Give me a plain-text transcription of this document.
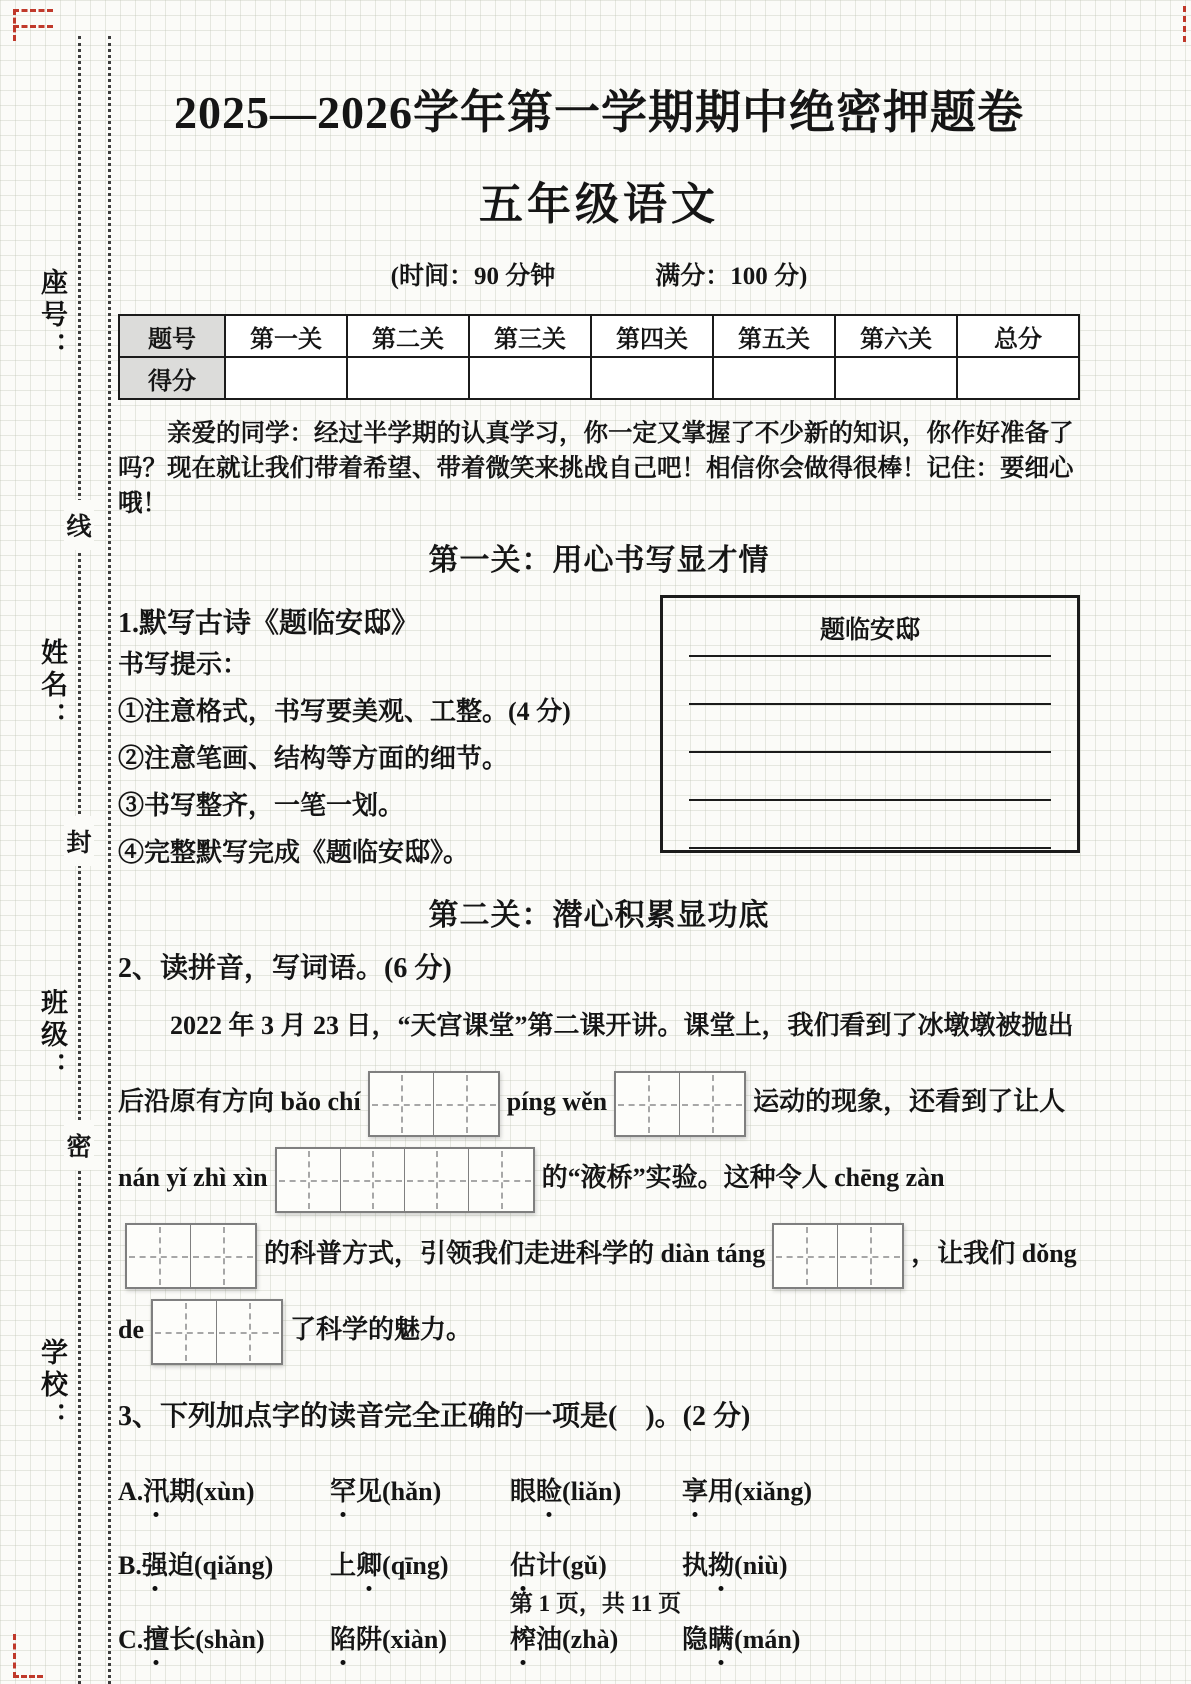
座号：
姓名：
班级：
学校：
线
封
密
2025—2026学年第一学期期中绝密押题卷
五年级语文
(时间：90 分钟　　　　满分：100 分)
题号	第一关	第二关	第三关	第四关	第五关	第六关	总分
得分							

亲爱的同学：经过半学期的认真学习，你一定又掌握了不少新的知识，你作好准备了吗？现在就让我们带着希望、带着微笑来挑战自己吧！相信你会做得很棒！记住：要细心哦！

第一关：用心书写显才情
1.默写古诗《题临安邸》
书写提示：
①注意格式，书写要美观、工整。(4 分)
②注意笔画、结构等方面的细节。
③书写整齐，一笔一划。
④完整默写完成《题临安邸》。
题临安邸
第二关：潜心积累显功底
2、读拼音，写词语。(6 分)

2022 年 3 月 23 日，“天宫课堂”第二课开讲。课堂上，我们看到了冰墩墩被抛出后沿原有方向 bǎo chí	píng wěn	运动的现象，还看到了让人 nán yǐ zhì xìn	的“液桥”实验。这种令人 chēng zàn
的科普方式，引领我们走进科学的 diàn táng	，让我们 dǒng de	了科学的魅力。

3、下列加点字的读音完全正确的一项是(　)。(2 分)
A.汛期(xùn)	罕见(hǎn)	眼睑(liǎn)	享用(xiǎng)
B.强迫(qiǎng)	上卿(qīng)	估计(gǔ)	执拗(niù)
C.擅长(shàn)	陷阱(xiàn)	榨油(zhà)	隐瞒(mán)
第 1 页，共 11 页
